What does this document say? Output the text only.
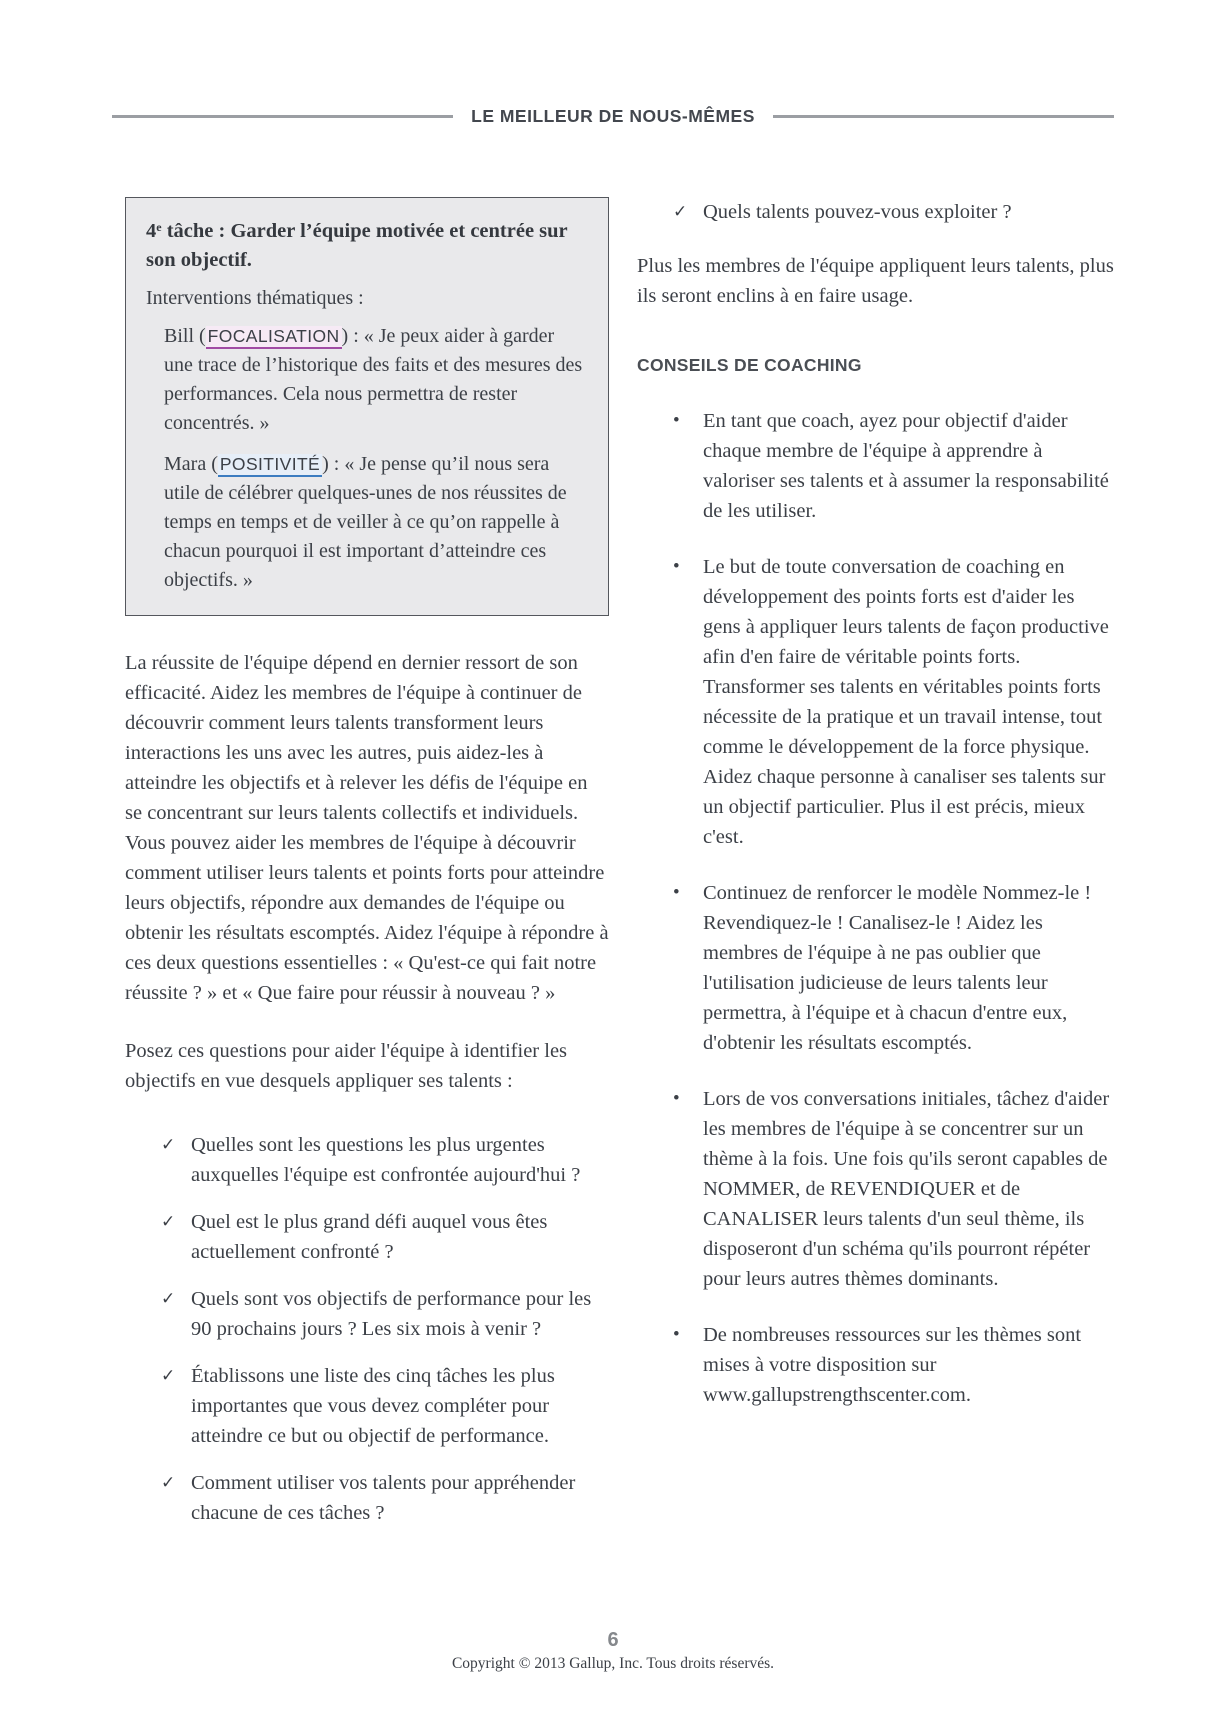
LE MEILLEUR DE NOUS-MÊMES
4e tâche : Garder l’équipe motivée et centrée sur son objectif.
Interventions thématiques :
Bill ( FOCALISATION ) : « Je peux aider à garder une trace de l’historique des faits et des mesures des performances. Cela nous permettra de rester concentrés. »
Mara ( POSITIVITÉ ) : « Je pense qu’il nous sera utile de célébrer quelques-unes de nos réussites de temps en temps et de veiller à ce qu’on rappelle à chacun pourquoi il est important d’atteindre ces objectifs. »

La réussite de l'équipe dépend en dernier ressort de son efficacité. Aidez les membres de l'équipe à continuer de découvrir comment leurs talents transforment leurs interactions les uns avec les autres, puis aidez-les à atteindre les objectifs et à relever les défis de l'équipe en se concentrant sur leurs talents collectifs et individuels. Vous pouvez aider les membres de l'équipe à découvrir comment utiliser leurs talents et points forts pour atteindre leurs objectifs, répondre aux demandes de l'équipe ou obtenir les résultats escomptés. Aidez l'équipe à répondre à ces deux questions essentielles : « Qu'est-ce qui fait notre réussite ? » et « Que faire pour réussir à nouveau ? »

Posez ces questions pour aider l'équipe à identifier les objectifs en vue desquels appliquer ses talents :

✓ Quelles sont les questions les plus urgentes auxquelles l'équipe est confrontée aujourd'hui ?
✓ Quel est le plus grand défi auquel vous êtes actuellement confronté ?
✓ Quels sont vos objectifs de performance pour les 90 prochains jours ? Les six mois à venir ?
✓ Établissons une liste des cinq tâches les plus importantes que vous devez compléter pour atteindre ce but ou objectif de performance.
✓ Comment utiliser vos talents pour appréhender chacune de ces tâches ?
✓ Quels talents pouvez-vous exploiter ?

Plus les membres de l'équipe appliquent leurs talents, plus ils seront enclins à en faire usage.

CONSEILS DE COACHING
•	En tant que coach, ayez pour objectif d'aider chaque membre de l'équipe à apprendre à valoriser ses talents et à assumer la responsabilité de les utiliser.
•	Le but de toute conversation de coaching en développement des points forts est d'aider les gens à appliquer leurs talents de façon productive afin d'en faire de véritable points forts. Transformer ses talents en véritables points forts nécessite de la pratique et un travail intense, tout comme le développement de la force physique. Aidez chaque personne à canaliser ses talents sur un objectif particulier. Plus il est précis, mieux c'est.
•	Continuez de renforcer le modèle Nommez-le ! Revendiquez-le ! Canalisez-le ! Aidez les membres de l'équipe à ne pas oublier que l'utilisation judicieuse de leurs talents leur permettra, à l'équipe et à chacun d'entre eux, d'obtenir les résultats escomptés.
•	Lors de vos conversations initiales, tâchez d'aider les membres de l'équipe à se concentrer sur un thème à la fois. Une fois qu'ils seront capables de NOMMER, de REVENDIQUER et de CANALISER leurs talents d'un seul thème, ils disposeront d'un schéma qu'ils pourront répéter pour leurs autres thèmes dominants.
•	De nombreuses ressources sur les thèmes sont mises à votre disposition sur www.gallupstrengthscenter.com.
6
Copyright © 2013 Gallup, Inc. Tous droits réservés.
